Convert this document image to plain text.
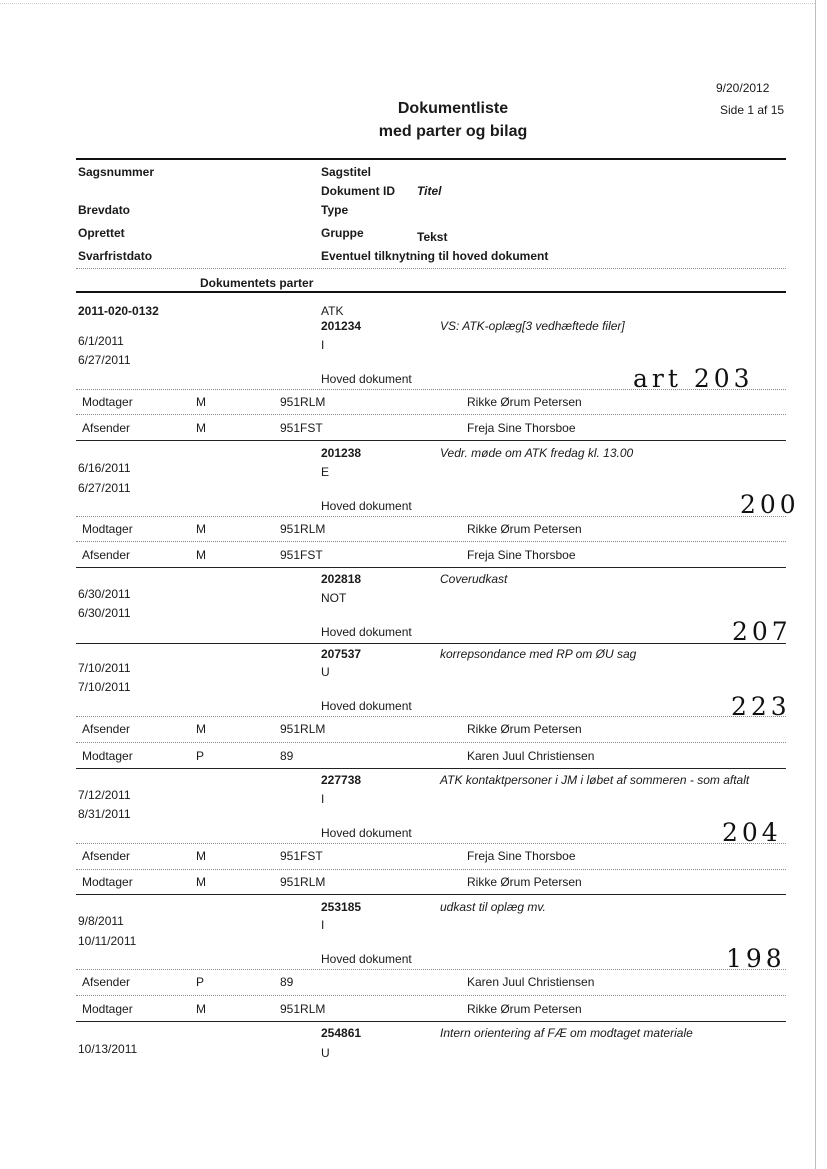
9/20/2012
Side 1 af 15
Dokumentliste
med parter og bilag
Sagsnummer	Sagstitel
Dokument ID Titel
Brevdato	Type
Oprettet	Gruppe	Tekst
Svarfristdato	Eventuel tilknytning til hoved dokument
Dokumentets parter
2011-020-0132	ATK
201234	VS: ATK-oplæg[3 vedhæftede filer]
6/1/2011	I
6/27/2011
Hoved dokument	art 203
Modtager	M	951RLM	Rikke Ørum Petersen
Afsender	M	951FST	Freja Sine Thorsboe
201238	Vedr. møde om ATK fredag kl. 13.00
6/16/2011	E
6/27/2011
Hoved dokument	200
Modtager	M	951RLM	Rikke Ørum Petersen
Afsender	M	951FST	Freja Sine Thorsboe
202818	Coverudkast
6/30/2011	NOT
6/30/2011
Hoved dokument	207
207537	korrepsondance med RP om ØU sag
7/10/2011	U
7/10/2011
Hoved dokument	223
Afsender	M	951RLM	Rikke Ørum Petersen
Modtager	P	89	Karen Juul Christiensen
227738	ATK kontaktpersoner i JM i løbet af sommeren - som aftalt
7/12/2011	I
8/31/2011
Hoved dokument	204
Afsender	M	951FST	Freja Sine Thorsboe
Modtager	M	951RLM	Rikke Ørum Petersen
253185	udkast til oplæg mv.
9/8/2011	I
10/11/2011
Hoved dokument	198
Afsender	P	89	Karen Juul Christiensen
Modtager	M	951RLM	Rikke Ørum Petersen
254861	Intern orientering af FÆ om modtaget materiale
10/13/2011	U
